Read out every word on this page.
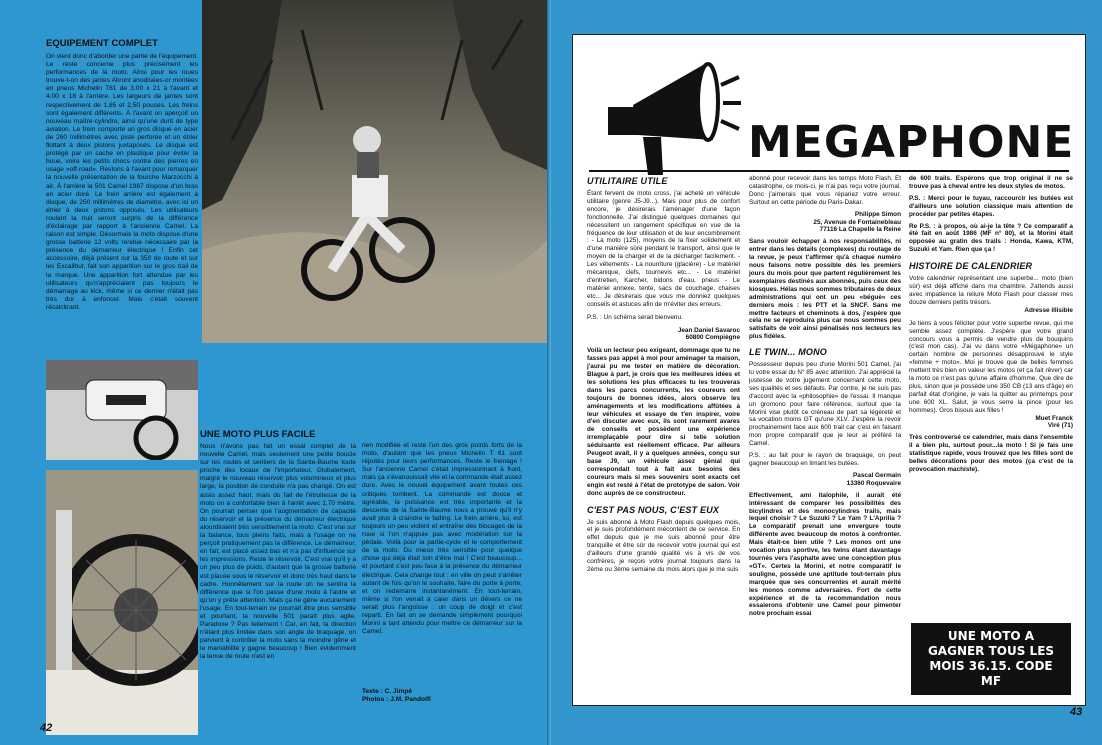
EQUIPEMENT COMPLET

On vient donc d'aborder une partie de l'équipement. Le reste concerne plus précisément les performances de la moto. Ainsi pour les roues trouve-t-on des jantes Akront anodisées-or montées en pneus Michelin T61 de 3.00 x 21 à l'avant et 4.00 x 18 à l'arrière. Les largeurs de jantes sont respectivement de 1,85 et 2,50 pouces. Les freins sont également différents. À l'avant on aperçoit un nouveau maître-cylindre, ainsi qu'une durit de type aviation. Le frein comporte un gros disque en acier de 260 millimètres avec piste perforée et un étrier flottant à deux pistons juxtaposés. Le disque est protégé par un cache en plastique pour éviter la boue, voire les petits chocs contre des pierres en usage «off-road». Restons à l'avant pour remarquer la nouvelle présentation de la fourche Marzocchi à air. À l'arrière la 501 Camel 1987 dispose d'un bras en acier doré. Le frein arrière est également à disque, de 250 millimètres de diamètre, avec ici un étrier à deux pistons opposés. Les utilisateurs roulant la nuit seront surpris de la différence d'éclairage par rapport à l'ancienne Camel. La raison est simple. Désormais la moto dispose d'une grosse batterie 12 volts rendue nécessaire par la présence du démarreur électrique ! Enfin cet accessoire, déjà présent sur la 350 de route et sur les Excalibur, fait son apparition sur le gros trail de la marque. Une apparition fort attendue par les utilisateurs qu'n'appréciaient pas toujours le démarrage au kick, même si ce dernier n'était pas très dur à enfoncer. Mais c'était souvent récalcitrant.

UNE MOTO PLUS FACILE

Nous n'avons pas fait un essai complet de la nouvelle Camel, mais seulement une petite boucle sur les routes et sentiers de la Sainte-Baume toute proche des locaux de l'importateur. Globalement, malgré le nouveau réservoir plus volumineux et plus large, la position de conduite n'a pas changé. On est assis assez haut, mais du fait de l'étroitesse de la moto on a confortable bien à l'arrêt avec 1,70 mètre. On pourrait penser que l'augmentation de capacité du réservoir et la présence du démarreur électrique alourdiraient très sensiblement la moto. C'est vrai sur la balance, tous pleins faits, mais à l'usage on ne perçoit pratiquement pas la différence. Le démarreur, en fait, est placé assez bas et n'a pas d'influence sur les impressions. Reste le réservoir. C'est vrai qu'il y a un peu plus de poids, d'autant que la grosse batterie est placée sous le réservoir et donc très haut dans le cadre. Honnêtement sur la route on ne sentira la différence que si l'on passe d'une moto à l'autre et qu'on y prête attention. Mais ça ne gêne aucunement l'usage. En tout-terrain ce pourrait être plus sensible et pourtant, la nouvelle 501 paraît plus agile. Paradoxe ? Pas tellement ! Car, en fait, la direction n'étant plus limitée dans son angle de braquage, on parvient à contrôler la moto sans la moindre gêne et le maniabilité y gagne beaucoup ! Bien évidemment la tenue de route n'est en

rien modifiée et reste l'un des gros points forts de la moto, d'autant que les pneus Michelin T 61 sont réputés pour leurs performances. Reste le freinage ! Sur l'ancienne Camel c'était impressionnant à froid, mais ça s'évanouissait vite et la commande était assez dure. Avec le nouvel équipement avant toutes ces critiques tombent. La commande est douce et agréable, la puissance est très importante et la descente de la Sainte-Baume nous a prouvé qu'il n'y avait plus à craindre le fading. Le frein arrière, lui, est toujours un peu violent et entraîne des blocages de la roue si l'on n'appuie pas avec modération sur la pédale. Voilà pour la partie-cycle et le comportement de la moto. Du mieux très sensible pour quelque chose qui déjà était loin d'être mal ! C'est beaucoup... et pourtant c'est peu face à la présence du démarreur électrique. Cela change tout : en ville on peut s'arrêter autant de fois qu'on le souhaite, faire du porte à porte, et on redémarre instantanément. En tout-terrain, même si l'on venait à caler dans un dévers ce ne serait plus l'angoisse : un coup de doigt et c'est reparti. En fait on se demande simplement pourquoi Morini a tant attendu pour mettre ce démarreur sur la Camel.

Texte : C. Jimpé
Photos : J.M. Pandolfi
42
MEGAPHONE
UTILITAIRE UTILE

Étant fervent de moto cross, j'ai acheté un véhicule utilitaire (genre J5-J9...). Mais pour plus de confort encore, je désirerais l'aménager d'une façon fonctionnelle. J'ai distingué quelques domaines qui nécessitent un rangement spécifique en vue de la fréquence de leur utilisation et de leur encombrement : - La moto (125), moyens de la fixer solidement et d'une manière sûre pendant le transport, ainsi que le moyen de la charger et de la décharger facilement. - Les vêtements - La nourriture (glacière) - Le matériel mécanique, clefs, tournevis etc... - Le matériel d'entretien, Karcher, bidons d'eau, pneus - Le matériel annexe, tente, sacs de couchage, chaises etc... Je désirerais que vous me donniez quelques conseils et astuces afin de m'éviter des erreurs.

P.S. : Un schéma serait bienvenu.

Jean Daniel Savaroc

60800 Compiègne

Voilà un lecteur peu exigeant, dommage que tu ne fasses pas appel à moi pour aménager ta maison, j'aurai pu me tester en matière de décoration. Blague à part, je crois que les meilleures idées et les solutions les plus efficaces tu les trouveras dans les parcs concurrents, les coureurs ont toujours de bonnes idées, alors observe les aménagements et les modifications affûtées à leur véhicules et essaye de t'en inspirer, voire d'en discuter avec eux, ils sont rarement avares de conseils et possèdent une expérience irremplaçable pour dire si telle solution séduisante est réellement efficace. Par ailleurs Peugeot avait, il y a quelques années, conçu sur base J9, un véhicule assez génial qui correspondait tout à fait aux besoins des coureurs mais si mes souvenirs sont exacts cet engin est resté à l'état de prototype de salon. Voir donc auprès de ce constructeur.

C'EST PAS NOUS, C'EST EUX

Je suis abonné à Moto Flash depuis quelques mois, et je suis profondément mécontent de ce service. En effet depuis que je me suis abonné pour être tranquille et être sûr de recevoir votre journal qui est d'ailleurs d'une grande qualité vis à vis de vos confrères, je reçois votre journal toujours dans la 2ème ou 3ème semaine du mois alors que je me suis

abonné pour recevoir dans les temps Moto Flash. Et catastrophe, ce mois-ci, je n'ai pas reçu votre journal. Donc j'aimerais que vous répariez votre erreur. Surtout en cette période du Paris-Dakar.

Philippe Simon

25, Avenue de Fontainebleau

77116 La Chapelle la Reine

Sans vouloir échapper à nos responsabilités, ni entrer dans les détails (complexes) du routage de la revue, je peux t'affirmer qu'à chaque numéro nous faisons notre possible dès les premiers jours du mois pour que partent régulièrement les exemplaires destinés aux abonnés, puis ceux des kiosques. Hélas nous sommes tributaires de deux administrations qui ont un peu «béguè» ces derniers mois : les PTT et la SNCF. Sans me mettre facteurs et cheminots à dos, j'espère que cela ne se reproduira plus car nous sommes peu satisfaits de voir ainsi pénalisés nos lecteurs les plus fidèles.

LE TWIN... MONO

Possesseur depuis peu d'une Morini 501 Camel, j'ai lu votre essai du N° 85 avec attention. J'ai apprécié la justesse de votre jugement concernant cette moto, ses qualités et ses défauts. Par contre, je ne suis pas d'accord avec la «philosophie» de l'essai. Il manque un gromono pour faire référence, surtout que la Morini vise plutôt ce créneau de part sa légèreté et sa vocation moins GT qu'une XLV. J'espère la revoir prochainement face aux 600 trail car c'est en faisant mon propre comparatif que je leur ai préféré la Camel.

P.S. : au fait pour le rayon de braquage, on peut gagner beaucoup en limant les butées.

Pascal Germain

13360 Roquevaire

Effectivement, ami italophile, il aurait été intéressant de comparer les possibilités des bicylindres et des monocylindres trails, mais lequel choisir ? Le Suzuki ? Le Yam ? L'Aprilia ? Le comparatif prenait une envergure toute différente avec beaucoup de motos à confronter. Mais était-ce bien utile ? Les monos ont une vocation plus sportive, les twins étant davantage tournés vers l'asphalte avec une conception plus «GT». Certes la Morini, et notre comparatif le souligne, possède une aptitude tout-terrain plus marquée que ses concurrentes et aurait mérité les monos comme adversaires. Fort de cette expérience et de ta recommandation nous essaierons d'obtenir une Camel pour pimenter notre prochain essai

de 600 trails. Espérons que trop original il ne se trouve pas à cheval entre les deux styles de motos.

P.S. : Merci pour le tuyau, raccourcir les butées est d'ailleurs une solution classique mais attention de procéder par petites étapes.

Re P.S. : à propos, où ai-je la tête ? Ce comparatif a été fait en août 1986 (MF n° 80), et la Morini était opposée au gratin des trails : Honda, Kawa, KTM, Suzuki et Yam. Rien que ça !

HISTOIRE DE CALENDRIER

Votre calendrier représentant une superbe... moto (bien sûr) est déjà affiché dans ma chambre. J'attends aussi avec impatience la reliure Moto Flash pour classer mes douze derniers petits trésors.

Adresse illisible

Je tiens à vous féliciter pour votre superbe revue, qui me semble assez complète. J'espère que votre grand concours vous a permis de vendre plus de bouquins (c'est mon cas). J'ai vu dans votre «Mégaphone» un certain nombre de personnes désapprouvé le style «femme + moto». Moi je trouve que de belles femmes mettent très bien en valeur les motos (et ça fait rêver) car la moto ce n'est pas qu'une affaire d'homme. Que dire de plus, sinon que je possède une 350 CB (13 ans d'âge) en parfait état d'origine, je vais la quitter au printemps pour une 600 XL. Salut, je vous serre la pince (pour les hommes). Gros bisous aux filles !

Muet Franck

Viré (71)

Très controversé ce calendrier, mais dans l'ensemble il a bien plu, surtout pour...la moto ! Si je fais une statistique rapide, vous trouvez que les filles sont de belles décorations pour des motos (ça c'est de la provocation machiste).

UNE MOTO A GAGNER TOUS LES MOIS 36.15. CODE MF
43
